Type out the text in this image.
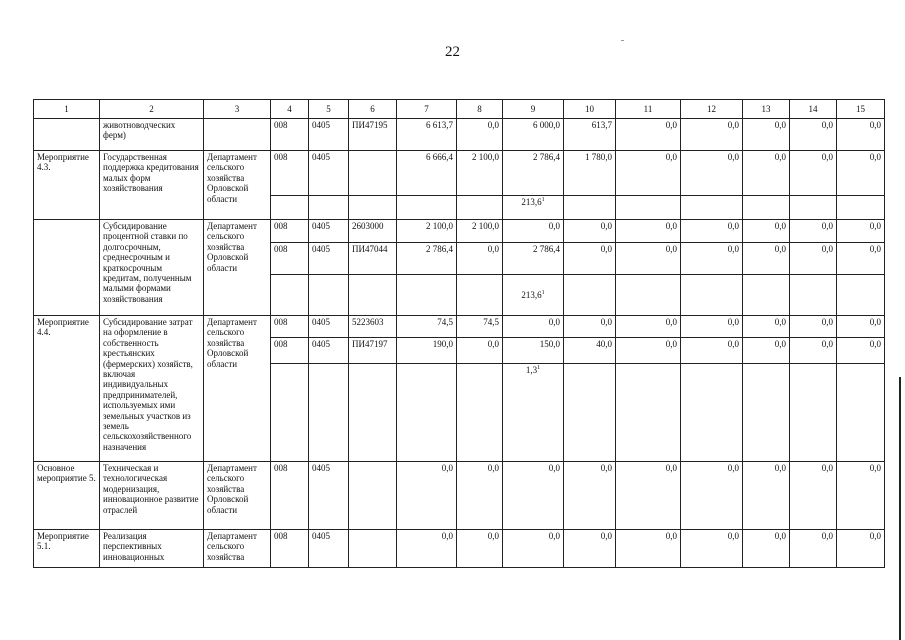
22
1	2	3	4	5	6	7	8	9	10	11	12	13	14	15
	животноводческих ферм)		008	0405	ПИ47195	6 613,7	0,0	6 000,0	613,7	0,0	0,0	0,0	0,0	0,0
Мероприятие 4.3.	Государственная поддержка кредитования малых форм хозяйствования	Департамент сельского хозяйства Орловской области	008	0405		6 666,4	2 100,0	2 786,4	1 780,0	0,0	0,0	0,0	0,0	0,0
								213,6$^1$						
	Субсидирование процентной ставки по долгосрочным, среднесрочным и краткосрочным кредитам, полученным малыми формами хозяйствования	Департамент сельского хозяйства Орловской области	008	0405	2603000	2 100,0	2 100,0	0,0	0,0	0,0	0,0	0,0	0,0	0,0
			008	0405	ПИ47044	2 786,4	0,0	2 786,4	0,0	0,0	0,0	0,0	0,0	0,0
								213,6$^1$						
Мероприятие 4.4.	Субсидирование затрат на оформление в собственность крестьянских (фермерских) хозяйств, включая индивидуальных предпринимателей, используемых ими земельных участков из земель сельскохозяйственного назначения	Департамент сельского хозяйства Орловской области	008	0405	5223603	74,5	74,5	0,0	0,0	0,0	0,0	0,0	0,0	0,0
			008	0405	ПИ47197	190,0	0,0	150,0	40,0	0,0	0,0	0,0	0,0	0,0
								$1,3^1$						
Основное мероприятие 5.	Техническая и технологическая модернизация, инновационное развитие отраслей	Департамент сельского хозяйства Орловской области	008	0405		0,0	0,0	0,0	0,0	0,0	0,0	0,0	0,0	0,0
Мероприятие 5.1.	Реализация перспективных инновационных	Департамент сельского хозяйства	008	0405		0,0	0,0	0,0	0,0	0,0	0,0	0,0	0,0	0,0
